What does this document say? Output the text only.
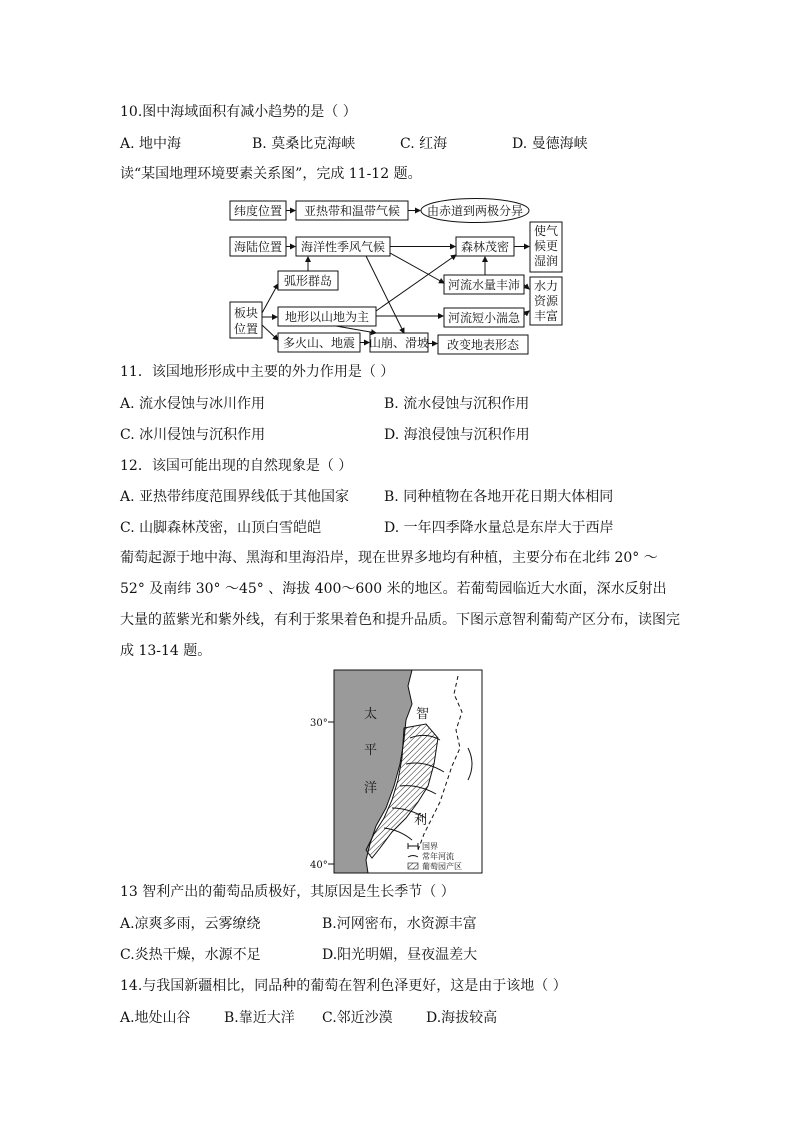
10.图中海域面积有减小趋势的是（ ）
A. 地中海	B. 莫桑比克海峡	C. 红海	D. 曼德海峡
读“某国地理环境要素关系图”，完成 11-12 题。
纬度位置 亚热带和温带气候 由赤道到两极分异
海陆位置 海洋性季风气候	森林茂密
使气
候更
湿润
弧形群岛	河流水量丰沛 水力
资源
丰富
板块
位置
地形以山地为主	河流短小湍急
多火山、地震 山崩、滑坡 改变地表形态
11．该国地形形成中主要的外力作用是（ ）
A. 流水侵蚀与冰川作用	B. 流水侵蚀与沉积作用
C. 冰川侵蚀与沉积作用	D. 海浪侵蚀与沉积作用
12．该国可能出现的自然现象是（ ）
A. 亚热带纬度范围界线低于其他国家 B. 同种植物在各地开花日期大体相同
C. 山脚森林茂密，山顶白雪皑皑	D. 一年四季降水量总是东岸大于西岸
葡萄起源于地中海、黑海和里海沿岸，现在世界多地均有种植，主要分布在北纬 20° ～52° 及南纬 30° ～45° 、海拔 400～600 米的地区。若葡萄园临近大水面，深水反射出大量的蓝紫光和紫外线，有利于浆果着色和提升品质。下图示意智利葡萄产区分布，读图完成 13-14 题。
30°
40°
太
平
洋
智
利
国界
常年河流
葡萄园产区
13 智利产出的葡萄品质极好，其原因是生长季节（ ）
A.凉爽多雨，云雾缭绕	B.河网密布，水资源丰富
C.炎热干燥，水源不足	D.阳光明媚，昼夜温差大
14.与我国新疆相比，同品种的葡萄在智利色泽更好，这是由于该地（ ）
A.地处山谷 B.靠近大洋 C.邻近沙漠 D.海拔较高
